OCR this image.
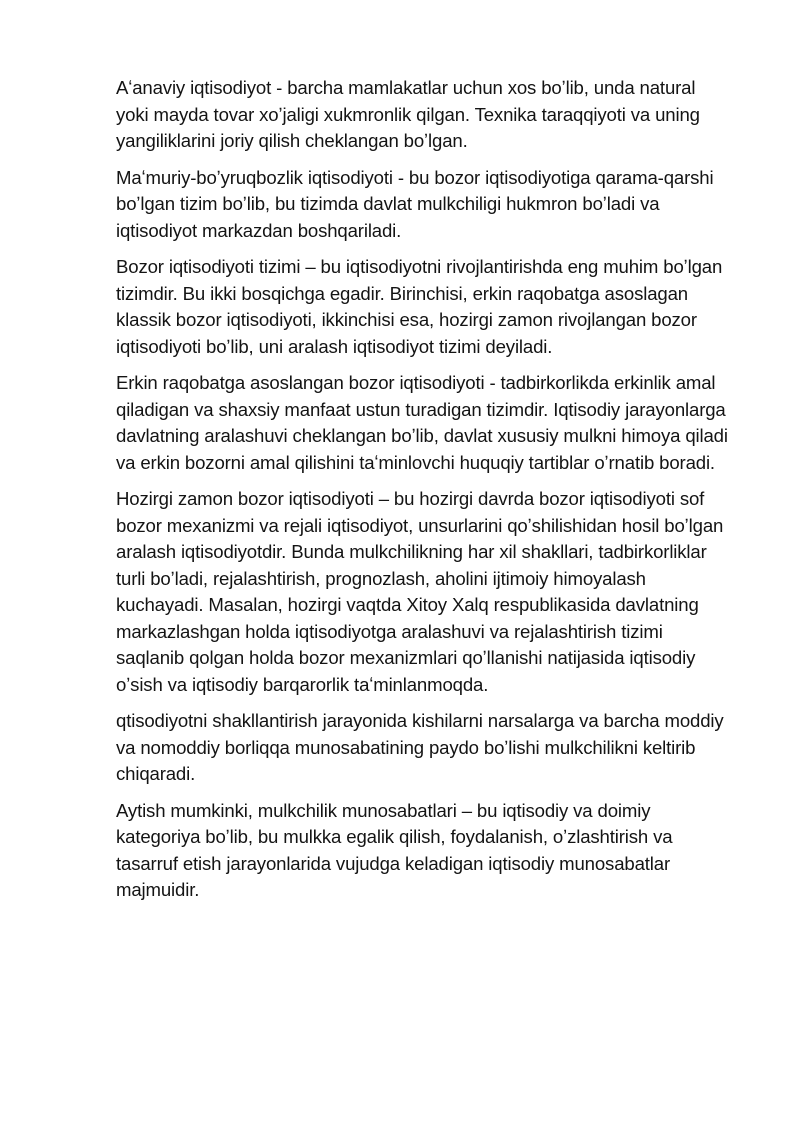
Aʻanaviy iqtisodiyot - barcha mamlakatlar uchun xos boʼlib, unda natural yoki mayda tovar xoʼjaligi xukmronlik qilgan. Texnika taraqqiyoti va uning yangiliklarini joriy qilish cheklangan boʼlgan.

Maʻmuriy-boʼyruqbozlik iqtisodiyoti - bu bozor iqtisodiyotiga qarama-qarshi boʼlgan tizim boʼlib, bu tizimda davlat mulkchiligi hukmron boʼladi va iqtisodiyot markazdan boshqariladi.

Bozor iqtisodiyoti tizimi – bu iqtisodiyotni rivojlantirishda eng muhim boʼlgan tizimdir. Bu ikki bosqichga egadir. Birinchisi, erkin raqobatga asoslagan klassik bozor iqtisodiyoti, ikkinchisi esa, hozirgi zamon rivojlangan bozor iqtisodiyoti boʼlib, uni aralash iqtisodiyot tizimi deyiladi.

Erkin raqobatga asoslangan bozor iqtisodiyoti - tadbirkorlikda erkinlik amal qiladigan va shaxsiy manfaat ustun turadigan tizimdir. Iqtisodiy jarayonlarga davlatning aralashuvi cheklangan boʼlib, davlat xususiy mulkni himoya qiladi va erkin bozorni amal qilishini taʻminlovchi huquqiy tartiblar oʼrnatib boradi.

Hozirgi zamon bozor iqtisodiyoti – bu hozirgi davrda bozor iqtisodiyoti sof bozor mexanizmi va rejali iqtisodiyot, unsurlarini qoʼshilishidan hosil boʼlgan aralash iqtisodiyotdir. Bunda mulkchilikning har xil shakllari, tadbirkorliklar turli boʼladi, rejalashtirish, prognozlash, aholini ijtimoiy himoyalash kuchayadi. Masalan, hozirgi vaqtda Xitoy Xalq respublikasida davlatning markazlashgan holda iqtisodiyotga aralashuvi va rejalashtirish tizimi saqlanib qolgan holda bozor mexanizmlari qoʼllanishi natijasida iqtisodiy oʼsish va iqtisodiy barqarorlik taʻminlanmoqda.

qtisodiyotni shakllantirish jarayonida kishilarni narsalarga va barcha moddiy va nomoddiy borliqqa munosabatining paydo boʼlishi mulkchilikni keltirib chiqaradi.

Aytish mumkinki, mulkchilik munosabatlari – bu iqtisodiy va doimiy kategoriya boʼlib, bu mulkka egalik qilish, foydalanish, oʼzlashtirish va tasarruf etish jarayonlarida vujudga keladigan iqtisodiy munosabatlar majmuidir.
